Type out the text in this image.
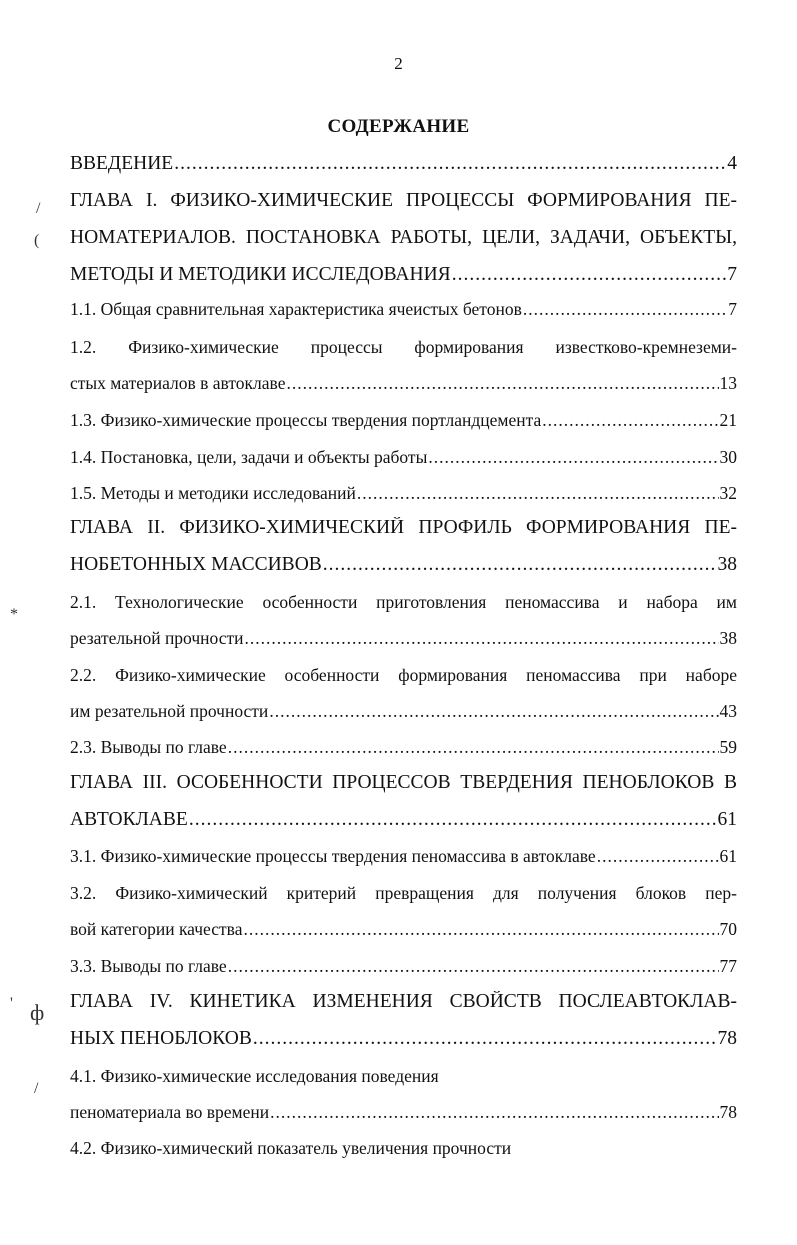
2
СОДЕРЖАНИЕ
ВВЕДЕНИЕ .....	4
ГЛАВА I. ФИЗИКО-ХИМИЧЕСКИЕ ПРОЦЕССЫ ФОРМИРОВАНИЯ ПЕ-
НОМАТЕРИАЛОВ. ПОСТАНОВКА РАБОТЫ, ЦЕЛИ, ЗАДАЧИ, ОБЪЕКТЫ,
МЕТОДЫ И МЕТОДИКИ ИССЛЕДОВАНИЯ .....	7
1.1. Общая сравнительная характеристика ячеистых бетонов .....	7
1.2. Физико-химические процессы формирования известково-кремнеземи-
стых материалов в автоклаве .....	13
1.3. Физико-химические процессы твердения портландцемента .....	21
1.4. Постановка, цели, задачи и объекты работы .....	30
1.5. Методы и методики исследований .....	32
ГЛАВА II. ФИЗИКО-ХИМИЧЕСКИЙ ПРОФИЛЬ ФОРМИРОВАНИЯ ПЕ-
НОБЕТОННЫХ МАССИВОВ .....	38
2.1. Технологические особенности приготовления пеномассива и набора им
резательной прочности .....	38
2.2. Физико-химические особенности формирования пеномассива при наборе
им резательной прочности .....	43
2.3. Выводы по главе .....	59
ГЛАВА III. ОСОБЕННОСТИ ПРОЦЕССОВ ТВЕРДЕНИЯ ПЕНОБЛОКОВ В
АВТОКЛАВЕ .....	61
3.1. Физико-химические процессы твердения пеномассива в автоклаве .....	61
3.2. Физико-химический критерий превращения для получения блоков пер-
вой категории качества .....	70
3.3. Выводы по главе .....	77
ГЛАВА IV. КИНЕТИКА ИЗМЕНЕНИЯ СВОЙСТВ ПОСЛЕАВТОКЛАВ-
НЫХ ПЕНОБЛОКОВ .....	78
4.1. Физико-химические исследования поведения
пеноматериала во времени .....	78
4.2. Физико-химический показатель увеличения прочности
/
(
*
ф
'
/
